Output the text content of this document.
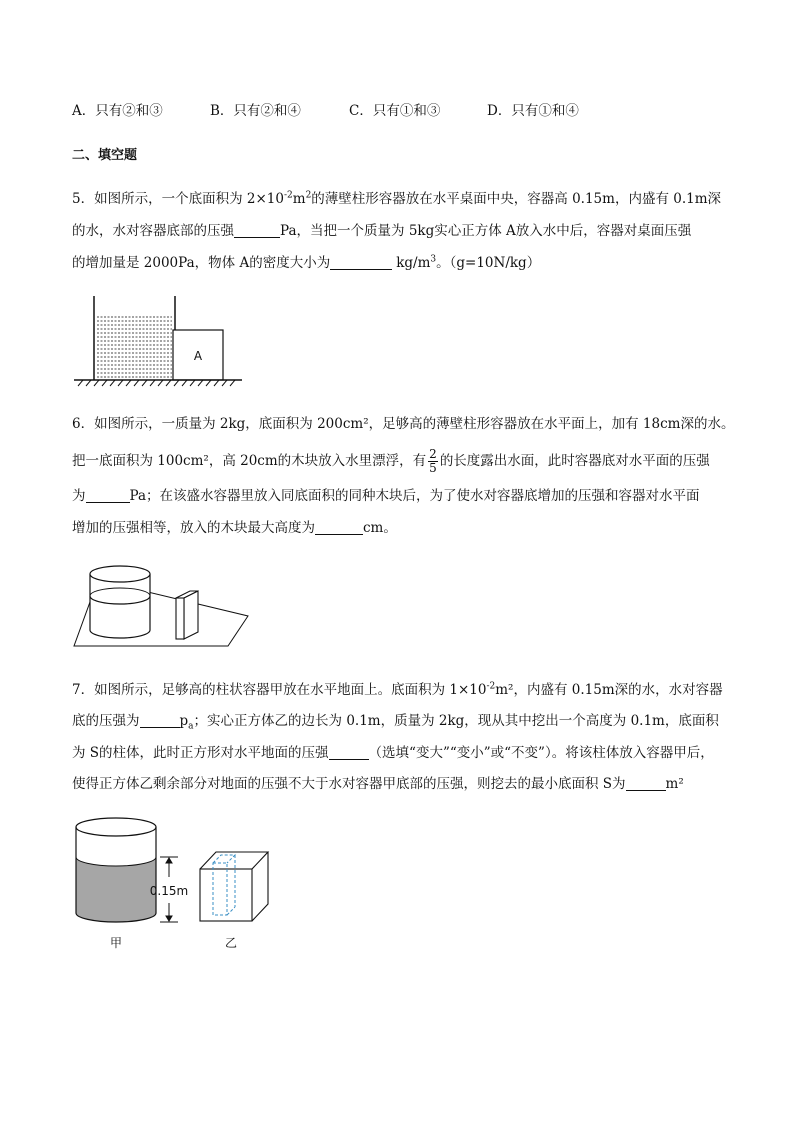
A．只有②和③	B．只有②和④	C．只有①和③	D．只有①和④
二、填空题
5．如图所示，一个底面积为 $2\times 10^{-2}m^2$的薄壁柱形容器放在水平桌面中央，容器高 0.15m，内盛有 0.1m深
的水，水对容器底部的压强	Pa，当把一个质量为 5kg实心正方体 A放入水中后，容器对桌面压强
的增加量是 2000Pa，物体 A的密度大小为	$kg/m^3$。（g=10N/kg）
A
6．如图所示，一质量为 2kg，底面积为 200cm²，足够高的薄壁柱形容器放在水平面上，加有 18cm深的水。
把一底面积为 100cm²，高 20cm的木块放入水里漂浮，有 $\frac{2}{5}$ 的长度露出水面，此时容器底对水平面的压强
为	Pa；在该盛水容器里放入同底面积的同种木块后，为了使水对容器底增加的压强和容器对水平面
增加的压强相等，放入的木块最大高度为	cm。
7．如图所示，足够高的柱状容器甲放在水平地面上。底面积为 $1\times 10^{-2}m^2$，内盛有 0.15m深的水，水对容器
底的压强为	$p_a$；实心正方体乙的边长为 0.1m，质量为 2kg，现从其中挖出一个高度为 0.1m，底面积
为 S的柱体，此时正方形对水平地面的压强	（选填“变大”“变小”或“不变”）。将该柱体放入容器甲后，
使得正方体乙剩余部分对地面的压强不大于水对容器甲底部的压强，则挖去的最小底面积 S为	m²
0.15m
甲	乙
